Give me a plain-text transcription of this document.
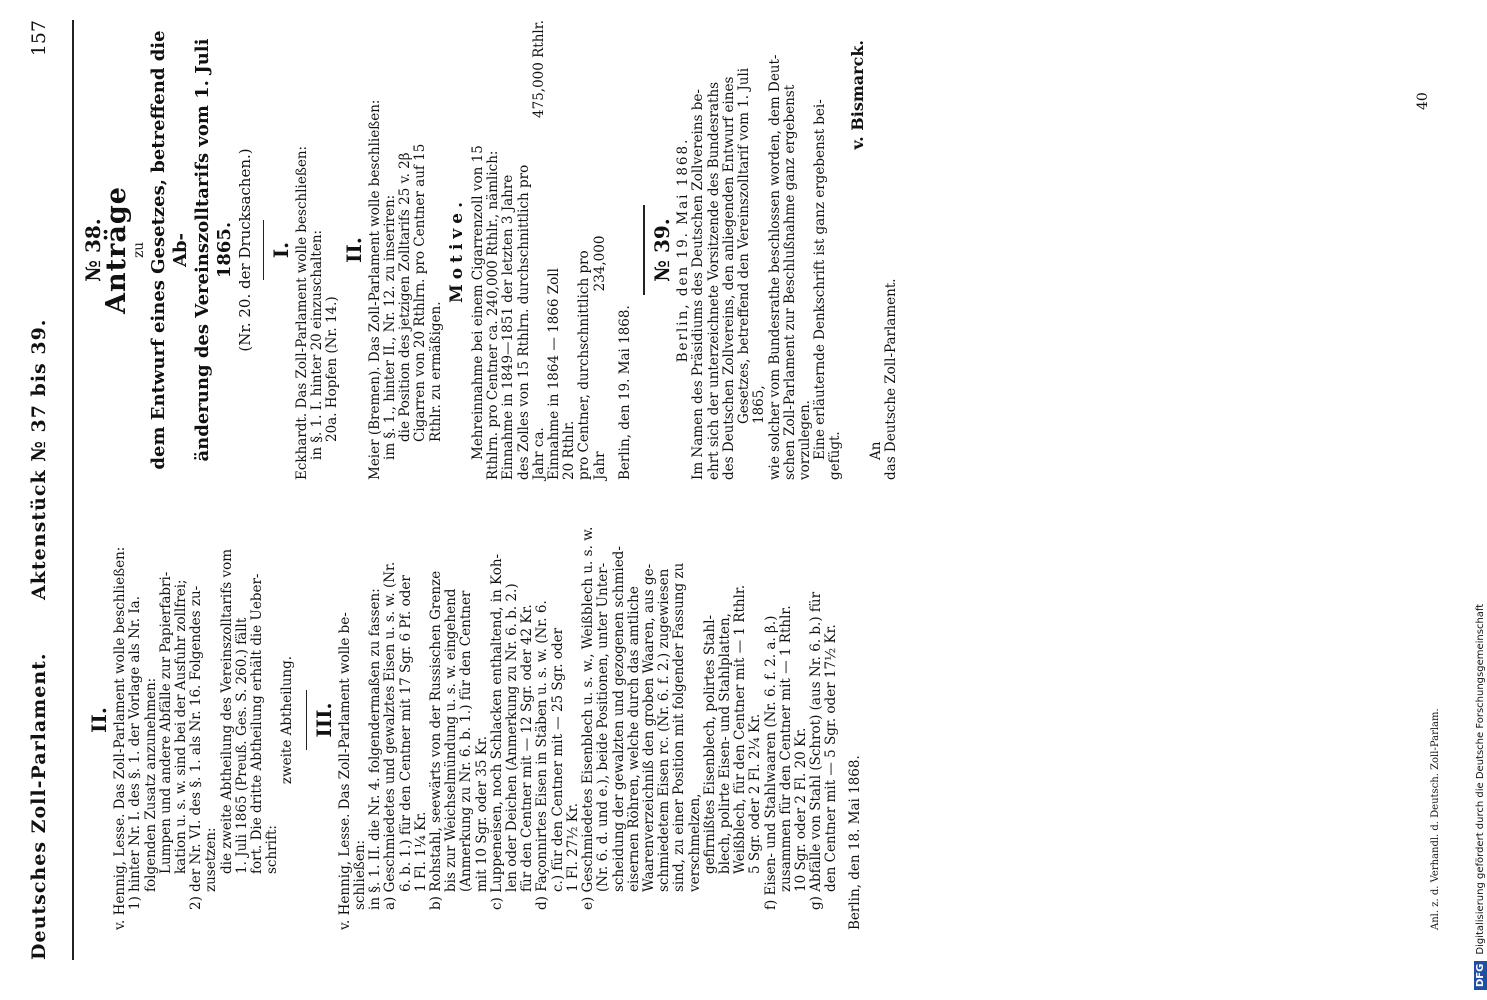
Deutsches Zoll-Parlament.
Aktenstück № 37 bis 39.
157
II. v. Hennig, Lesse. Das Zoll-Parlament wolle beschließen: 1) hinter Nr. I. des §. 1. der Vorlage als Nr. Ia. folgenden Zusatz anzunehmen: Lumpen und andere Abfälle zur Papierfabri- kation u. s. w. sind bei der Ausfuhr zollfrei; 2) der Nr. VI. des §. 1. als Nr. 16. Folgendes zu- zusetzen: die zweite Abtheilung des Vereinszolltarifs vom 1. Juli 1865 (Preuß. Ges. S. 260.) fällt fort. Die dritte Abtheilung erhält die Ueber- schrift:

zweite Abtheilung. III. v. Hennig, Lesse. Das Zoll-Parlament wolle be- schließen: in §. 1. II. die Nr. 4. folgendermaßen zu fassen: a) Geschmiedetes und gewalztes Eisen u. s. w. (Nr. 6. b. 1.) für den Centner mit 17 Sgr. 6 Pf. oder 1 Fl. 1¼ Kr. b) Rohstahl, seewärts von der Russischen Grenze bis zur Weichselmündung u. s. w. eingehend (Anmerkung zu Nr. 6. b. 1.) für den Centner mit 10 Sgr. oder 35 Kr. c) Luppeneisen, noch Schlacken enthaltend, in Koh- len oder Deichen (Anmerkung zu Nr. 6. b. 2.) für den Centner mit — 12 Sgr. oder 42 Kr. d) Façonnirtes Eisen in Stäben u. s. w. (Nr. 6. c.) für den Centner mit — 25 Sgr. oder 1 Fl. 27½ Kr. e) Geschmiedetes Eisenblech u. s. w., Weißblech u. s. w. (Nr. 6. d. und e.), beide Positionen, unter Unter- scheidung der gewalzten und gezogenen schmied- eisernen Röhren, welche durch das amtliche Waarenverzeichniß den groben Waaren, aus ge- schmiedetem Eisen rc. (Nr. 6. f. 2.) zugewiesen sind, zu einer Position mit folgender Fassung zu verschmelzen, gefirnißtes Eisenblech, polirtes Stahl- blech, polirte Eisen- und Stahlplatten, Weißblech, für den Centner mit — 1 Rthlr. 5 Sgr. oder 2 Fl. 2¼ Kr. f) Eisen- und Stahlwaaren (Nr. 6. f. 2. a. β.) zusammen für den Centner mit — 1 Rthlr. 10 Sgr. oder 2 Fl. 20 Kr. g) Abfälle von Stahl (Schrot) (aus Nr. 6. b.) für den Centner mit — 5 Sgr. oder 17½ Kr. Berlin, den 18. Mai 1868.	Anl. z. d. Verhandl. d. Deutsch. Zoll-Parlam.
№ 38.
Anträge zu dem Entwurf eines Gesetzes, betreffend die Ab- änderung des Vereinszolltarifs vom 1. Juli 1865. (Nr. 20. der Drucksachen.) I. Eckhardt. Das Zoll-Parlament wolle beschließen: in §. 1. I. hinter 20 einzuschalten: 20a. Hopfen (Nr. 14.)

II. Meier (Bremen). Das Zoll-Parlament wolle beschließen: im §. 1., hinter II., Nr. 12. zu inseriren: die Position des jetzigen Zolltarifs 25 v. 2β Cigarren von 20 Rthlrn. pro Centner auf 15 Rthlr. zu ermäßigen.

Motive. Mehreinnahme bei einem Cigarrenzoll von 15 Rthlrn. pro Centner ca. 240,000 Rthlr., nämlich: Einnahme in 1849—1851 der letzten 3 Jahre des Zolles von 15 Rthlrn. durchschnittlich pro Jahr ca.
475,000 Rthlr.

Einnahme in 1864 — 1866 Zoll 20 Rthlr. pro Centner, durchschnittlich pro Jahr234,000

Berlin, den 19. Mai 1868.

№ 39. Berlin, den 19. Mai 1868. Im Namen des Präsidiums des Deutschen Zollvereins be- ehrt sich der unterzeichnete Vorsitzende des Bundesraths des Deutschen Zollvereins, den anliegenden Entwurf eines Gesetzes, betreffend den Vereinszolltarif vom 1. Juli 1865, wie solcher vom Bundesrathe beschlossen worden, dem Deut- schen Zoll-Parlament zur Beschlußnahme ganz ergebenst vorzulegen. Eine erläuternde Denkschrift ist ganz ergebenst bei- gefügt.

v. Bismarck.

An das Deutsche Zoll-Parlament.

40
DFGDigitalisierung gefördert durch die Deutsche Forschungsgemeinschaft
